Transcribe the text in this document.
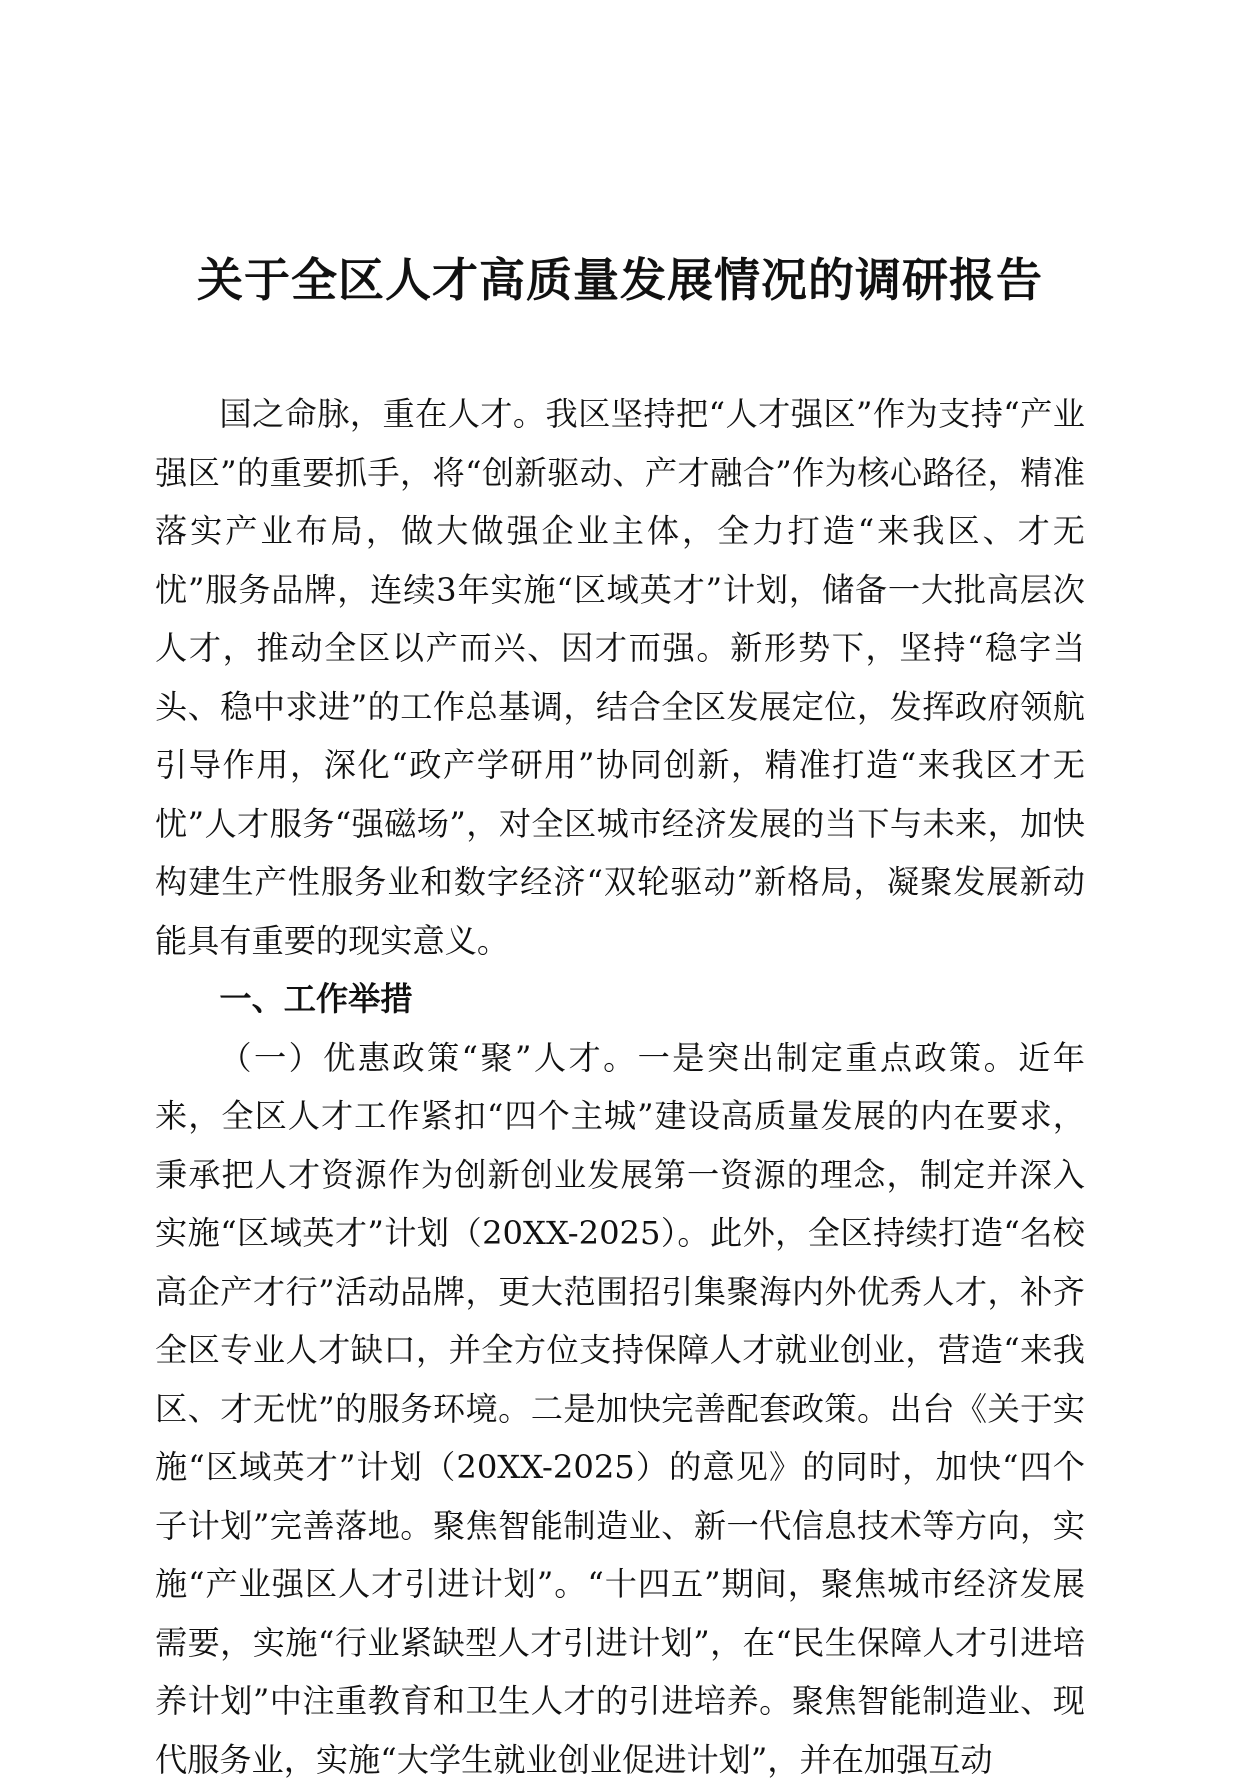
关于全区人才高质量发展情况的调研报告

国之命脉，重在人才。我区坚持把“人才强区”作为支持“产业强区”的重要抓手，将“创新驱动、产才融合”作为核心路径，精准落实产业布局，做大做强企业主体，全力打造“来我区、才无忧”服务品牌，连续3年实施“区域英才”计划，储备一大批高层次人才，推动全区以产而兴、因才而强。新形势下，坚持“稳字当头、稳中求进”的工作总基调，结合全区发展定位，发挥政府领航引导作用，深化“政产学研用”协同创新，精准打造“来我区才无忧”人才服务“强磁场”，对全区城市经济发展的当下与未来，加快构建生产性服务业和数字经济“双轮驱动”新格局，凝聚发展新动能具有重要的现实意义。

一、工作举措

（一）优惠政策“聚”人才。一是突出制定重点政策。近年来，全区人才工作紧扣“四个主城”建设高质量发展的内在要求，秉承把人才资源作为创新创业发展第一资源的理念，制定并深入实施“区域英才”计划（20XX-2025）。此外，全区持续打造“名校高企产才行”活动品牌，更大范围招引集聚海内外优秀人才，补齐全区专业人才缺口，并全方位支持保障人才就业创业，营造“来我区、才无忧”的服务环境。二是加快完善配套政策。出台《关于实施“区域英才”计划（20XX-2025）的意见》的同时，加快“四个子计划”完善落地。聚焦智能制造业、新一代信息技术等方向，实施“产业强区人才引进计划”。“十四五”期间，聚焦城市经济发展需要，实施“行业紧缺型人才引进计划”，在“民生保障人才引进培养计划”中注重教育和卫生人才的引进培养。聚焦智能制造业、现代服务业，实施“大学生就业创业促进计划”，并在加强互动
